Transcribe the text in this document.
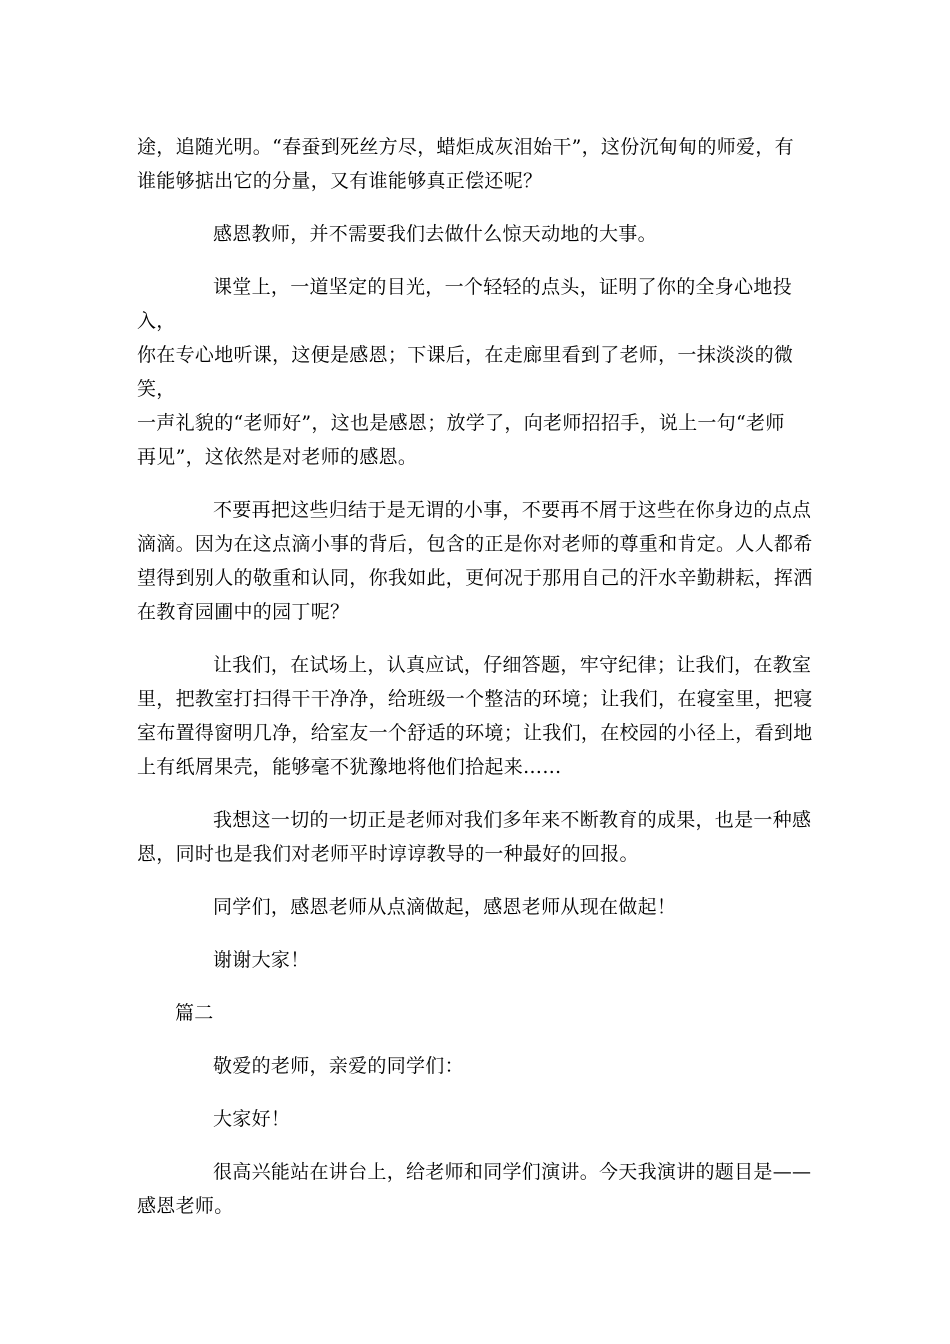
途，追随光明。“春蚕到死丝方尽，蜡炬成灰泪始干”，这份沉甸甸的师爱，有
谁能够掂出它的分量，又有谁能够真正偿还呢？

感恩教师，并不需要我们去做什么惊天动地的大事。

课堂上，一道坚定的目光，一个轻轻的点头，证明了你的全身心地投入，
你在专心地听课，这便是感恩；下课后，在走廊里看到了老师，一抹淡淡的微笑，
一声礼貌的“老师好”，这也是感恩；放学了，向老师招招手，说上一句“老师
再见”，这依然是对老师的感恩。

不要再把这些归结于是无谓的小事，不要再不屑于这些在你身边的点点
滴滴。因为在这点滴小事的背后，包含的正是你对老师的尊重和肯定。人人都希
望得到别人的敬重和认同，你我如此，更何况于那用自己的汗水辛勤耕耘，挥洒
在教育园圃中的园丁呢？

让我们，在试场上，认真应试，仔细答题，牢守纪律；让我们，在教室
里，把教室打扫得干干净净，给班级一个整洁的环境；让我们，在寝室里，把寝
室布置得窗明几净，给室友一个舒适的环境；让我们，在校园的小径上，看到地
上有纸屑果壳，能够毫不犹豫地将他们拾起来……

我想这一切的一切正是老师对我们多年来不断教育的成果，也是一种感
恩，同时也是我们对老师平时谆谆教导的一种最好的回报。

同学们，感恩老师从点滴做起，感恩老师从现在做起！

谢谢大家！

篇二

敬爱的老师，亲爱的同学们：

大家好！

很高兴能站在讲台上，给老师和同学们演讲。今天我演讲的题目是——
感恩老师。
